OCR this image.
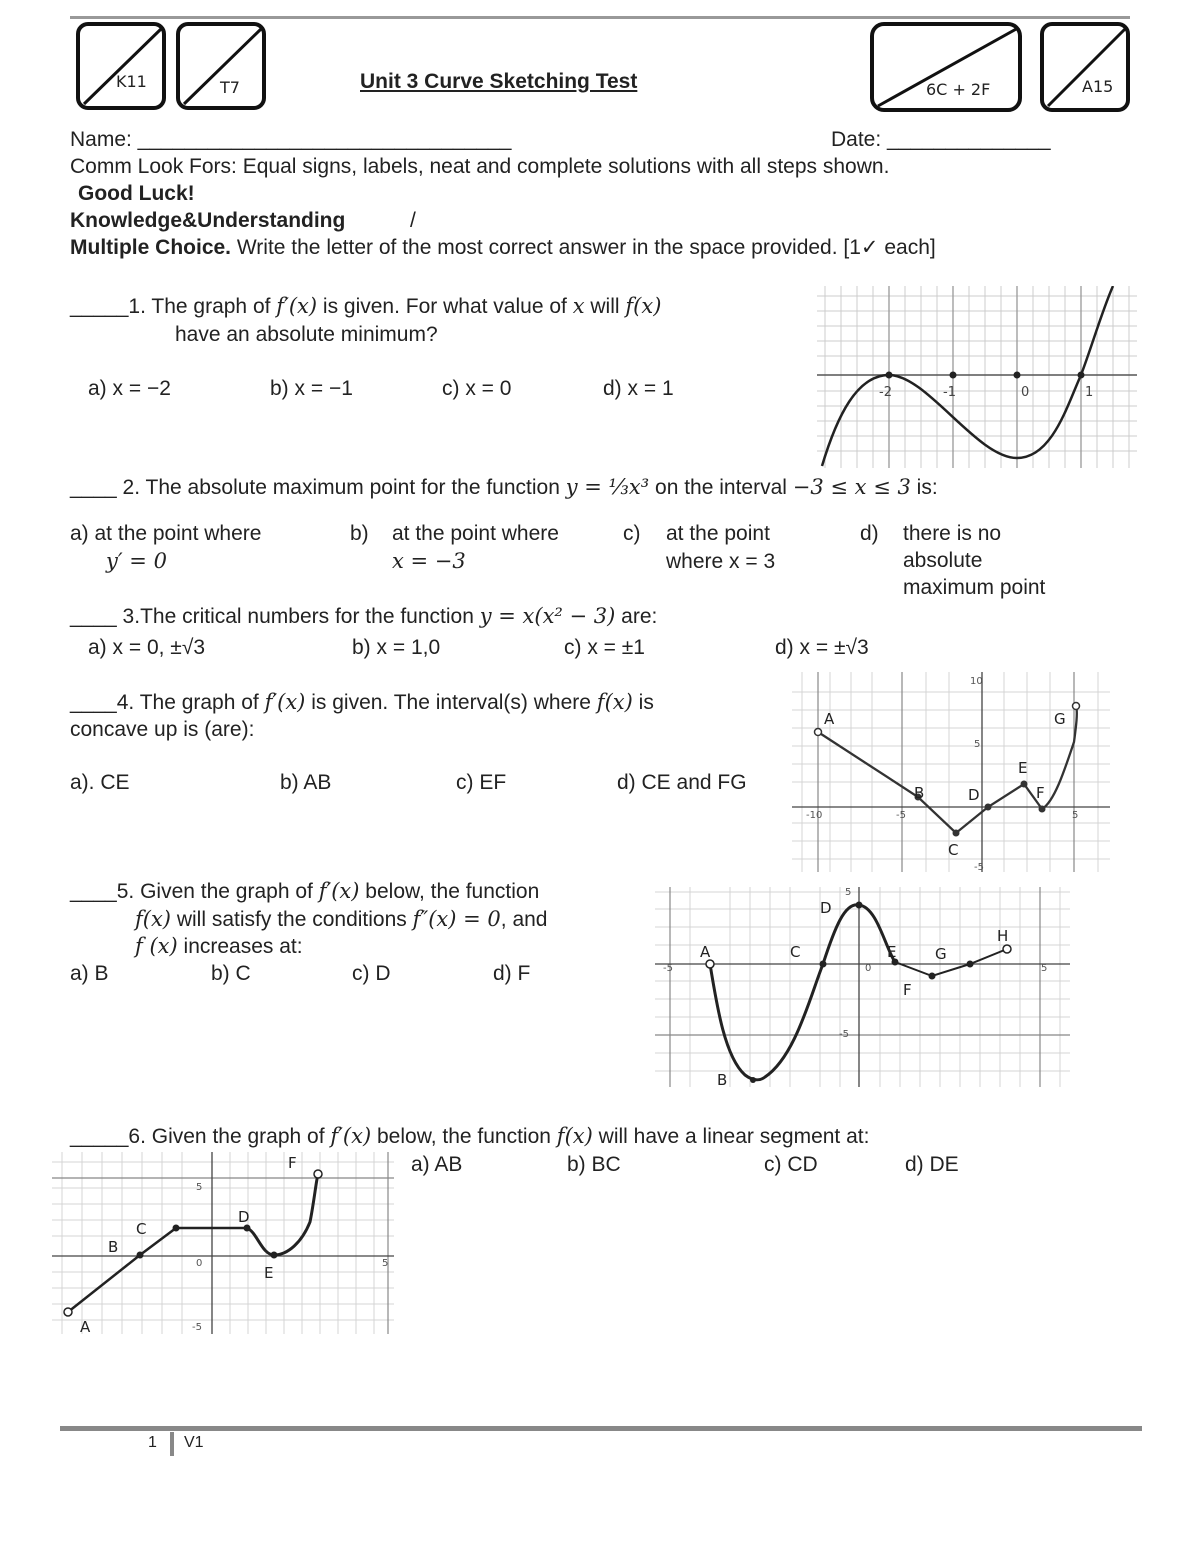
K11	T7	6C + 2F	A15
Unit 3 Curve Sketching Test
Name: ________________________________	Date: ______________
Comm Look Fors: Equal signs, labels, neat and complete solutions with all steps shown.
Good Luck!
Knowledge&Understanding	/
Multiple Choice. Write the letter of the most correct answer in the space provided. [1✓ each]
_____1. The graph of f′(x) is given. For what value of x will f(x)
have an absolute minimum?
a) x = −2	b) x = −1	c) x = 0	d) x = 1	-2	-1	0	1
____ 2. The absolute maximum point for the function y = ⅓x³ on the interval −3 ≤ x ≤ 3 is:
a) at the point where
y′ = 0
b) at the point where
x = −3
c) at the point
where x = 3
d) there is no
absolute
maximum point
____ 3.The critical numbers for the function y = x(x² − 3) are:
a) x = 0, ±√3	b) x = 1,0	c) x = ±1	d) x = ±√3
____4. The graph of f′(x) is given. The interval(s) where f(x) is
concave up is (are):
a). CE	b) AB	c) EF	d) CE and FG
A
B
C
D
E
F
G
10
5
-10	-5	5
-5
____5. Given the graph of f′(x) below, the function
f(x) will satisfy the conditions f″(x) = 0, and
f (x) increases at:
a) B	b) C	c) D	d) F
A
B
C
D
E
F
G
H
5
-5	0
-5
5
_____6. Given the graph of f′(x) below, the function f(x) will have a linear segment at:
a) AB	b) BC	c) CD	d) DE
A
B
C
D
E
F
5
0	5
-5
1 V1
